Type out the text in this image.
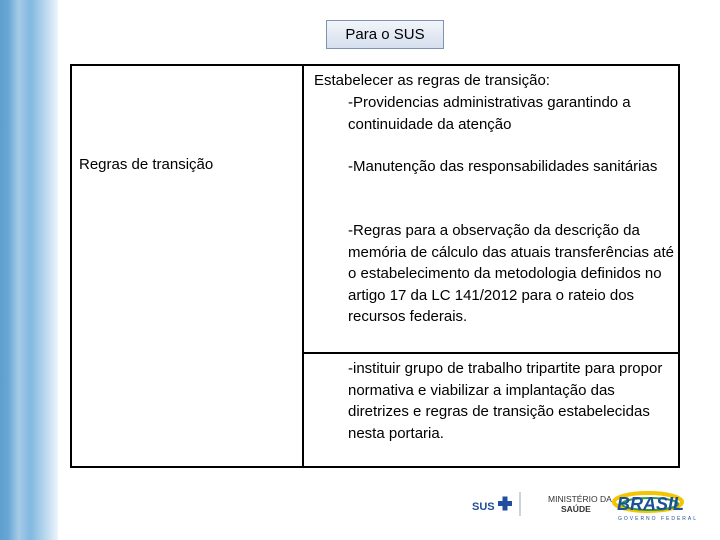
Para o SUS
Regras de transição
Estabelecer as regras de transição:
-Providencias administrativas garantindo a continuidade da atenção
-Manutenção das responsabilidades sanitárias
-Regras para a observação da descrição da memória de cálculo das atuais transferências até o estabelecimento da metodologia definidos no artigo 17 da LC 141/2012 para o rateio dos recursos federais.
-instituir grupo de trabalho tripartite para propor normativa e viabilizar a implantação das diretrizes e regras de transição estabelecidas nesta portaria.
SUS
MINISTÉRIO DA
SAÚDE BRASIL
GOVERNO FEDERAL
